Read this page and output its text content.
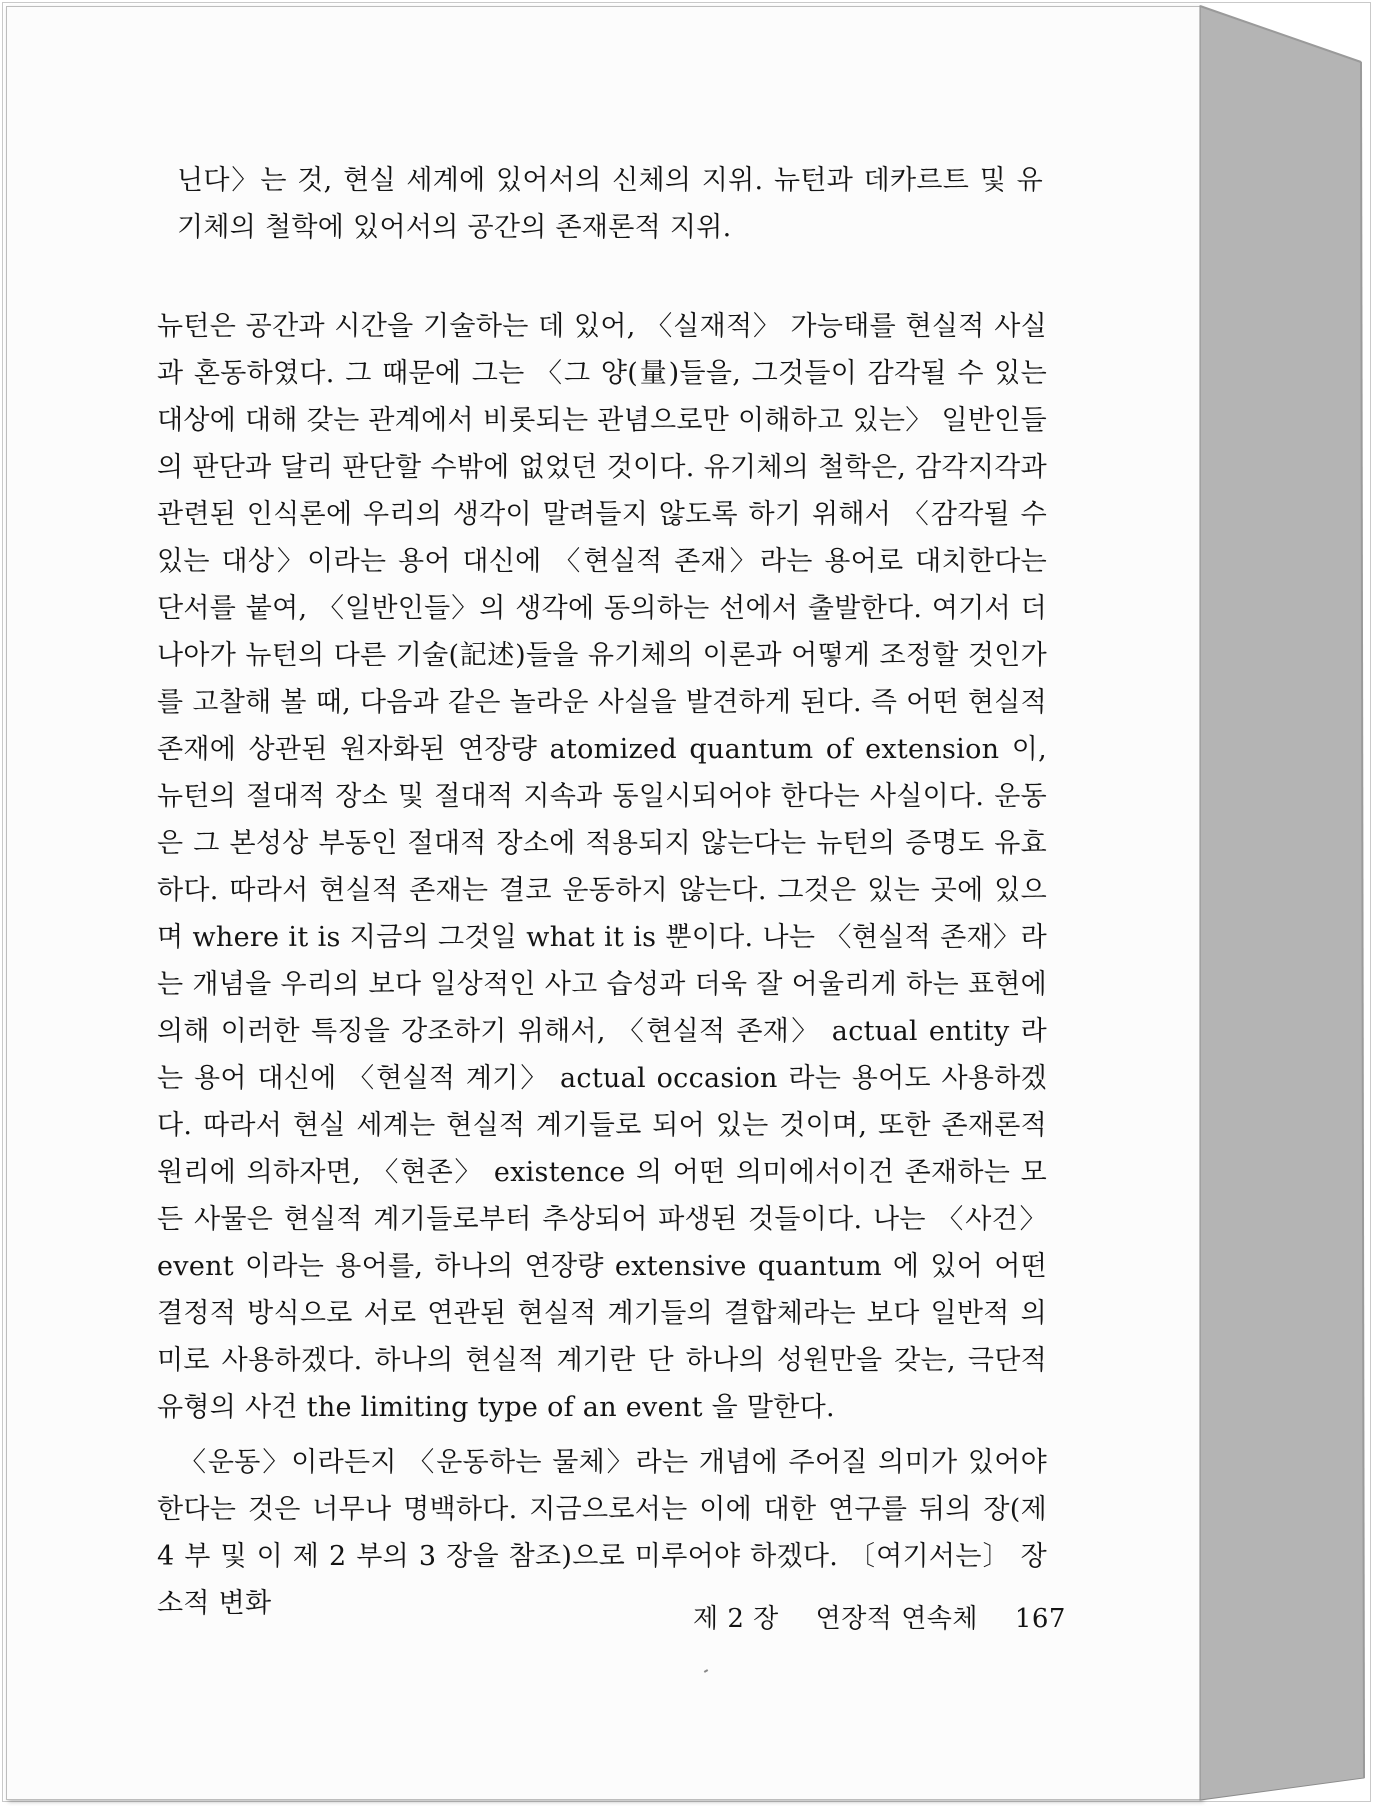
닌다〉는 것, 현실 세계에 있어서의 신체의 지위. 뉴턴과 데카르트 및 유기체의 철학에 있어서의 공간의 존재론적 지위.

뉴턴은 공간과 시간을 기술하는 데 있어, 〈실재적〉 가능태를 현실적 사실과 혼동하였다. 그 때문에 그는 〈그 양(量)들을, 그것들이 감각될 수 있는 대상에 대해 갖는 관계에서 비롯되는 관념으로만 이해하고 있는〉 일반인들의 판단과 달리 판단할 수밖에 없었던 것이다. 유기체의 철학은, 감각지각과 관련된 인식론에 우리의 생각이 말려들지 않도록 하기 위해서 〈감각될 수 있는 대상〉이라는 용어 대신에 〈현실적 존재〉라는 용어로 대치한다는 단서를 붙여, 〈일반인들〉의 생각에 동의하는 선에서 출발한다. 여기서 더 나아가 뉴턴의 다른 기술(記述)들을 유기체의 이론과 어떻게 조정할 것인가를 고찰해 볼 때, 다음과 같은 놀라운 사실을 발견하게 된다. 즉 어떤 현실적 존재에 상관된 원자화된 연장량 atomized quantum of extension 이, 뉴턴의 절대적 장소 및 절대적 지속과 동일시되어야 한다는 사실이다. 운동은 그 본성상 부동인 절대적 장소에 적용되지 않는다는 뉴턴의 증명도 유효하다. 따라서 현실적 존재는 결코 운동하지 않는다. 그것은 있는 곳에 있으며 where it is 지금의 그것일 what it is 뿐이다. 나는 〈현실적 존재〉라는 개념을 우리의 보다 일상적인 사고 습성과 더욱 잘 어울리게 하는 표현에 의해 이러한 특징을 강조하기 위해서, 〈현실적 존재〉 actual entity 라는 용어 대신에 〈현실적 계기〉 actual occasion 라는 용어도 사용하겠다. 따라서 현실 세계는 현실적 계기들로 되어 있는 것이며, 또한 존재론적 원리에 의하자면, 〈현존〉 existence 의 어떤 의미에서이건 존재하는 모든 사물은 현실적 계기들로부터 추상되어 파생된 것들이다. 나는 〈사건〉 event 이라는 용어를, 하나의 연장량 extensive quantum 에 있어 어떤 결정적 방식으로 서로 연관된 현실적 계기들의 결합체라는 보다 일반적 의미로 사용하겠다. 하나의 현실적 계기란 단 하나의 성원만을 갖는, 극단적 유형의 사건 the limiting type of an event 을 말한다.

〈운동〉이라든지 〈운동하는 물체〉라는 개념에 주어질 의미가 있어야 한다는 것은 너무나 명백하다. 지금으로서는 이에 대한 연구를 뒤의 장(제 4 부 및 이 제 2 부의 3 장을 참조)으로 미루어야 하겠다. 〔여기서는〕 장소적 변화	제 2 장 연장적 연속체 167
